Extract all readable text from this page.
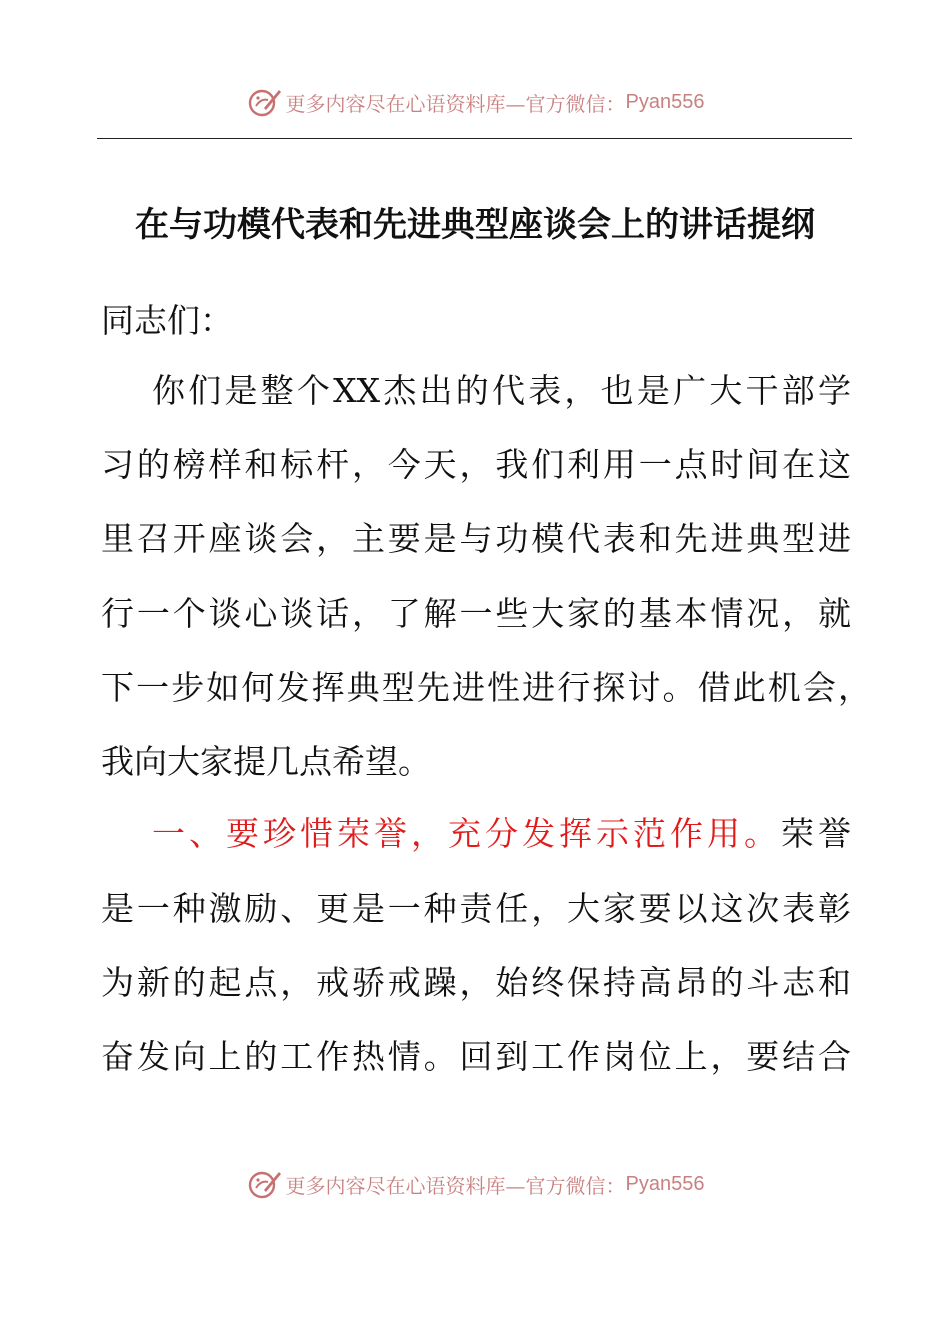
更多内容尽在心语资料库—官方微信： Pyan556
在与功模代表和先进典型座谈会上的讲话提纲
同志们：
你们是整个XX杰出的代表，也是广大干部学
习的榜样和标杆，今天，我们利用一点时间在这
里召开座谈会，主要是与功模代表和先进典型进
行一个谈心谈话，了解一些大家的基本情况，就
下一步如何发挥典型先进性进行探讨。借此机会，
我向大家提几点希望。
一、要珍惜荣誉，充分发挥示范作用。荣誉
是一种激励、更是一种责任，大家要以这次表彰
为新的起点，戒骄戒躁，始终保持高昂的斗志和
奋发向上的工作热情。回到工作岗位上，要结合
更多内容尽在心语资料库—官方微信： Pyan556
